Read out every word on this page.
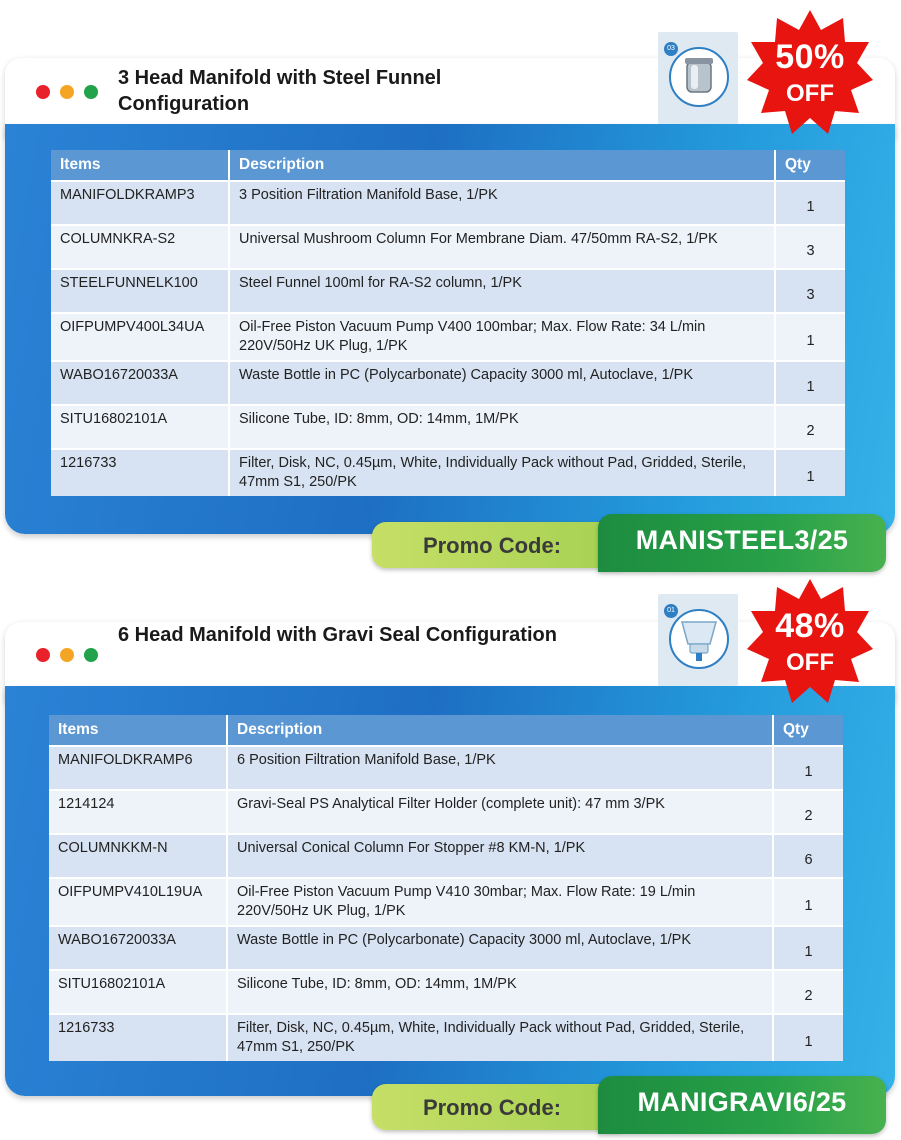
3 Head Manifold with Steel Funnel Configuration
Items	Description	Qty
MANIFOLDKRAMP3	3 Position Filtration Manifold Base, 1/PK	1
COLUMNKRA-S2	Universal Mushroom Column For Membrane Diam. 47/50mm RA-S2, 1/PK	3
STEELFUNNELK100	Steel Funnel 100ml for RA-S2 column, 1/PK	3
OIFPUMPV400L34UA	Oil-Free Piston Vacuum Pump V400 100mbar; Max. Flow Rate: 34 L/min 220V/50Hz UK Plug, 1/PK	1
WABO16720033A	Waste Bottle in PC (Polycarbonate) Capacity 3000 ml, Autoclave, 1/PK	1
SITU16802101A	Silicone Tube, ID: 8mm, OD: 14mm, 1M/PK	2
1216733	Filter, Disk, NC, 0.45µm, White, Individually Pack without Pad, Gridded, Sterile, 47mm S1, 250/PK	1
03	50%
OFF
Promo Code:	MANISTEEL3/25
6 Head Manifold with Gravi Seal Configuration
Items	Description	Qty
MANIFOLDKRAMP6	6 Position Filtration Manifold Base, 1/PK	1
1214124	Gravi-Seal PS Analytical Filter Holder (complete unit): 47 mm 3/PK	2
COLUMNKKM-N	Universal Conical Column For Stopper #8 KM-N, 1/PK	6
OIFPUMPV410L19UA	Oil-Free Piston Vacuum Pump V410 30mbar; Max. Flow Rate: 19 L/min 220V/50Hz UK Plug, 1/PK	1
WABO16720033A	Waste Bottle in PC (Polycarbonate) Capacity 3000 ml, Autoclave, 1/PK	1
SITU16802101A	Silicone Tube, ID: 8mm, OD: 14mm, 1M/PK	2
1216733	Filter, Disk, NC, 0.45µm, White, Individually Pack without Pad, Gridded, Sterile, 47mm S1, 250/PK	1
01	48%
OFF
Promo Code:	MANIGRAVI6/25
